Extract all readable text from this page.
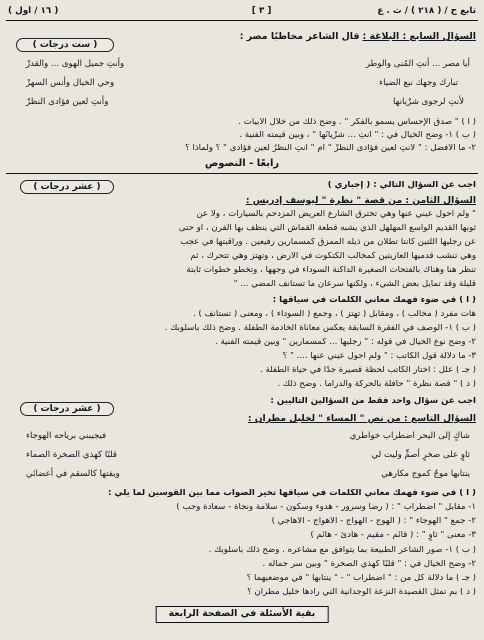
تابع ح / ( ٢١٨ ) / ث . ع
[ ٣ ]
( ١٦ / أول )
( ست درجات )
السؤال السابع : البلاغة : قال الشاعر مخاطبًا مصر :
أيا مصر ... أنتِ المُنى والوطر
وأنتِ جميل الهوى ... والقدرْ
تبارك وجهك نبع الضياء
وحي الخيال وأنس السهرْ
لأنتِ لرجوى شرْيانها
وأنتِ لعين فؤادى النظرْ
( أ ) " صدق الإحساس يسمو بالفكر " . وضح ذلك من خلال الأبيات .
( ب ) ١- وضح الخيال في : " أنتِ ... شرْيانُها " ، وبين قيمته الفنية .
٢- ما الأفضل : " لأنتِ لعين فؤادى النظرْ " أم " أنتِ النظرُ لعين فؤادى " ؟ ولماذا ؟
رابعًا - النصوص
أجب عن السؤال التالي : ( إجباري )
( عشر درجات )
السؤال الثامن : من قصة " نظرة " ليوسف إدريس :
" ولم أحول عيني عنها وهي تخترق الشارع العريض المزدحم بالسيارات ، ولا عن
ثوبها القديم الواسع المهلهل الذي يشبه قطعة القماش التي ينظف بها الفرن ، أو حتى
عن رجليها اللتين كانتا تطلان من ذيله الممزق كمسمارين رفيعين . وراقبتها في عجب
وهي تنشب قدميها العاريتين كمخالب الكتكوت في الأرض ، وتهتز وهي تتحرك ، ثم
تنظر هنا وهناك بالفتحات الصغيرة الداكنة السوداء في وجهها ، وتخطو خطوات ثابتة
قليلة وقد تمايل بعض الشيء ، ولكنها سرعان ما تستأنف المضي ... "
( أ ) في ضوء فهمك معاني الكلمات في سياقها :
هات مفرد ( مخالب ) ، ومقابل ( تهتز ) ، وجمع ( السوداء ) ، ومعنى ( تستأنف ) .
( ب ) ١- الوصف في الفقرة السابقة يعكس معاناة الخادمة الطفلة . وضح ذلك بأسلوبك .
٢- وضح نوع الخيال في قوله : " رجليها ... كمسمارين " وبين قيمته الفنية .
٣- ما دلالة قول الكاتب : " ولم أحول عيني عنها .... " ؟
( جـ ) علل : اختار الكاتب لحظة قصيرة جدًا في حياة الطفلة .
( د ) " قصة نظرة " حافلة بالحركة والدراما . وضح ذلك .
أجب عن سؤال واحد فقط من السؤالين التاليين :
( عشر درجات )
السؤال التاسع : من نص " المساء " لخليل مطران :
شاكٍ إلى البحر اضطراب خواطري
فيجيبني برياحه الهوجاء
ثاوٍ على صخرٍ أصمٍّ وليت لي
قلبًا كهذي الصخرة الصماء
ينتابها موجٌ كموج مكارهي
ويفتها كالسقم في أعضائي
( أ ) في ضوء فهمك معاني الكلمات في سياقها تخير الصواب مما بين القوسين لما يلي :
١- مقابل " اضطراب " : ( رضا وسرور - هدوء وسكون - سلامة ونجاة - سعادة وحب )
٢- جمع " الهوجاء " : ( الهوج - الهواج - الأهواج - الأهاجي )
٣- معنى " ثاوٍ " : ( قائم - مقيم - هادئ - هائم )
( ب ) ١- صور الشاعر الطبيعة بما يتوافق مع مشاعره . وضح ذلك بأسلوبك .
٢- وضح الخيال في : " قلبًا كهذي الصخرة " وبين سر جماله .
( جـ ) ما دلالة كل من : " اضطراب " - " ينتابها " في موضعيهما ؟
( د ) بم تمثل القصيدة النزعة الوجدانية التي رادها خليل مطران ؟
بقية الأسئلة في الصفحة الرابعة
